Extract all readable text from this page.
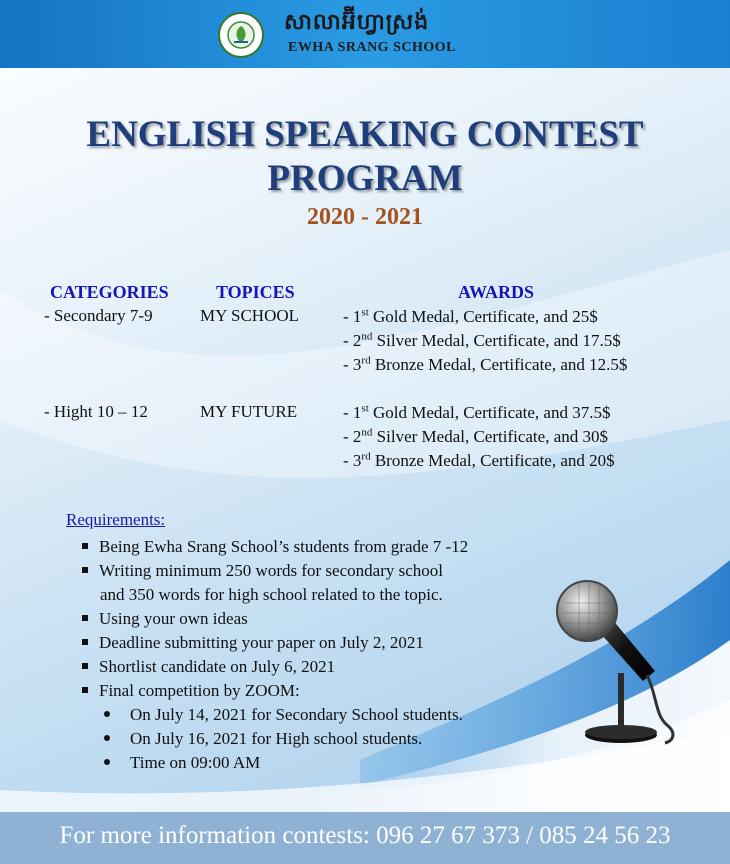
សាលាអ៊ីហ្វាស្រង់
EWHA SRANG SCHOOL
ENGLISH SPEAKING CONTEST
PROGRAM
2020 - 2021
CATEGORIES	TOPICES	AWARDS
- Secondary 7-9	MY SCHOOL	- 1st Gold Medal, Certificate, and 25$
- 2nd Silver Medal, Certificate, and 17.5$
- 3rd Bronze Medal, Certificate, and 12.5$
- Hight 10 – 12	MY FUTURE	- 1st Gold Medal, Certificate, and 37.5$
- 2nd Silver Medal, Certificate, and 30$
- 3rd Bronze Medal, Certificate, and 20$
Requirements:
Being Ewha Srang School’s students from grade 7 -12
Writing minimum 250 words for secondary school
and 350 words for high school related to the topic.
Using your own ideas
Deadline submitting your paper on July 2, 2021
Shortlist candidate on July 6, 2021
Final competition by ZOOM:
On July 14, 2021 for Secondary School students.
On July 16, 2021 for High school students.
Time on 09:00 AM
For more information contests: 096 27 67 373 / 085 24 56 23
